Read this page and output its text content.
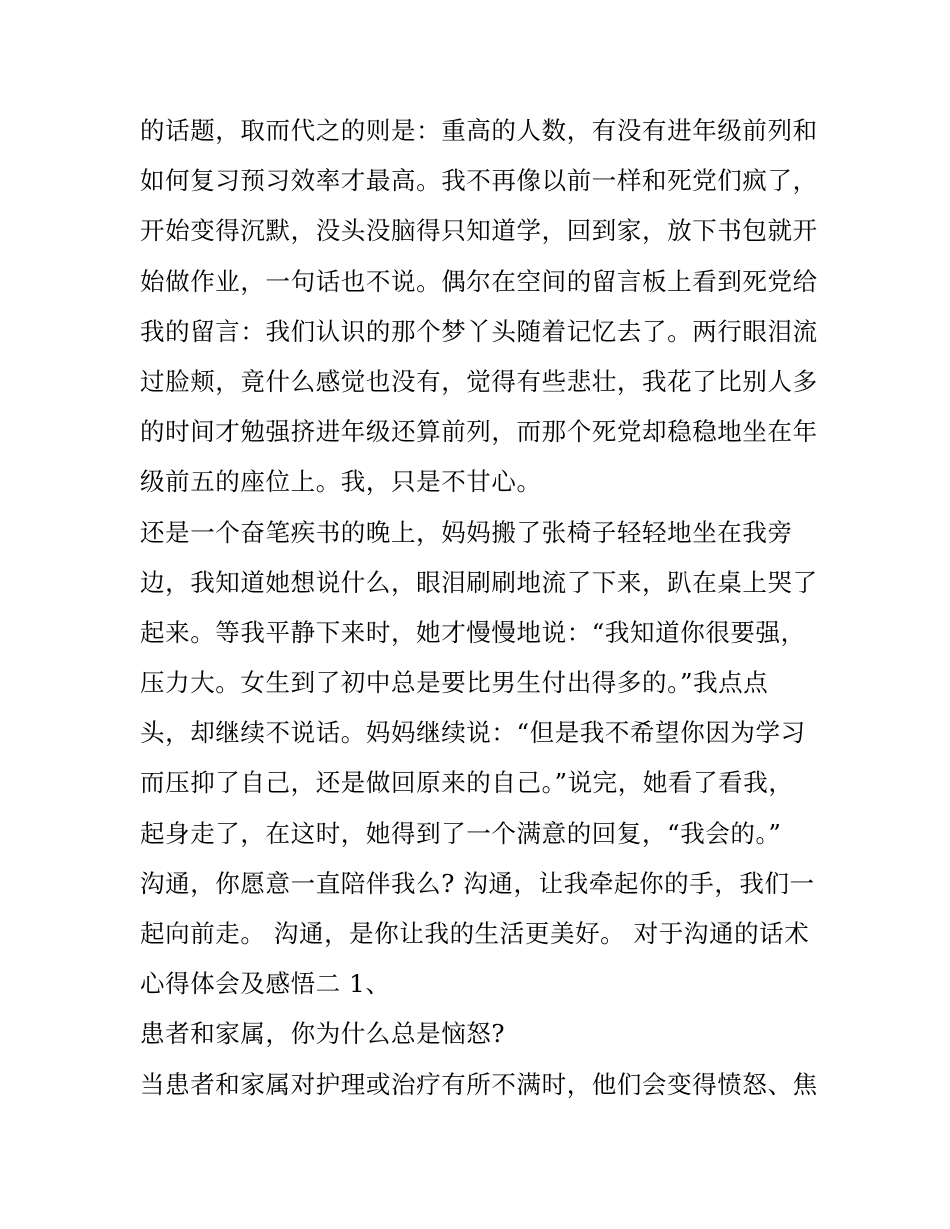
的话题，取而代之的则是：重高的人数，有没有进年级前列和
如何复习预习效率才最高。我不再像以前一样和死党们疯了，
开始变得沉默，没头没脑得只知道学，回到家，放下书包就开
始做作业，一句话也不说。偶尔在空间的留言板上看到死党给
我的留言：我们认识的那个梦丫头随着记忆去了。两行眼泪流
过脸颊，竟什么感觉也没有，觉得有些悲壮，我花了比别人多
的时间才勉强挤进年级还算前列，而那个死党却稳稳地坐在年
级前五的座位上。我，只是不甘心。
还是一个奋笔疾书的晚上，妈妈搬了张椅子轻轻地坐在我旁
边，我知道她想说什么，眼泪刷刷地流了下来，趴在桌上哭了
起来。等我平静下来时，她才慢慢地说：“我知道你很要强，
压力大。女生到了初中总是要比男生付出得多的。”我点点
头，却继续不说话。妈妈继续说：“但是我不希望你因为学习
而压抑了自己，还是做回原来的自己。”说完，她看了看我，
起身走了，在这时，她得到了一个满意的回复，“我会的。”
沟通，你愿意一直陪伴我么? 沟通，让我牵起你的手，我们一
起向前走。 沟通，是你让我的生活更美好。 对于沟通的话术
心得体会及感悟二 1、
患者和家属，你为什么总是恼怒?
当患者和家属对护理或治疗有所不满时，他们会变得愤怒、焦
